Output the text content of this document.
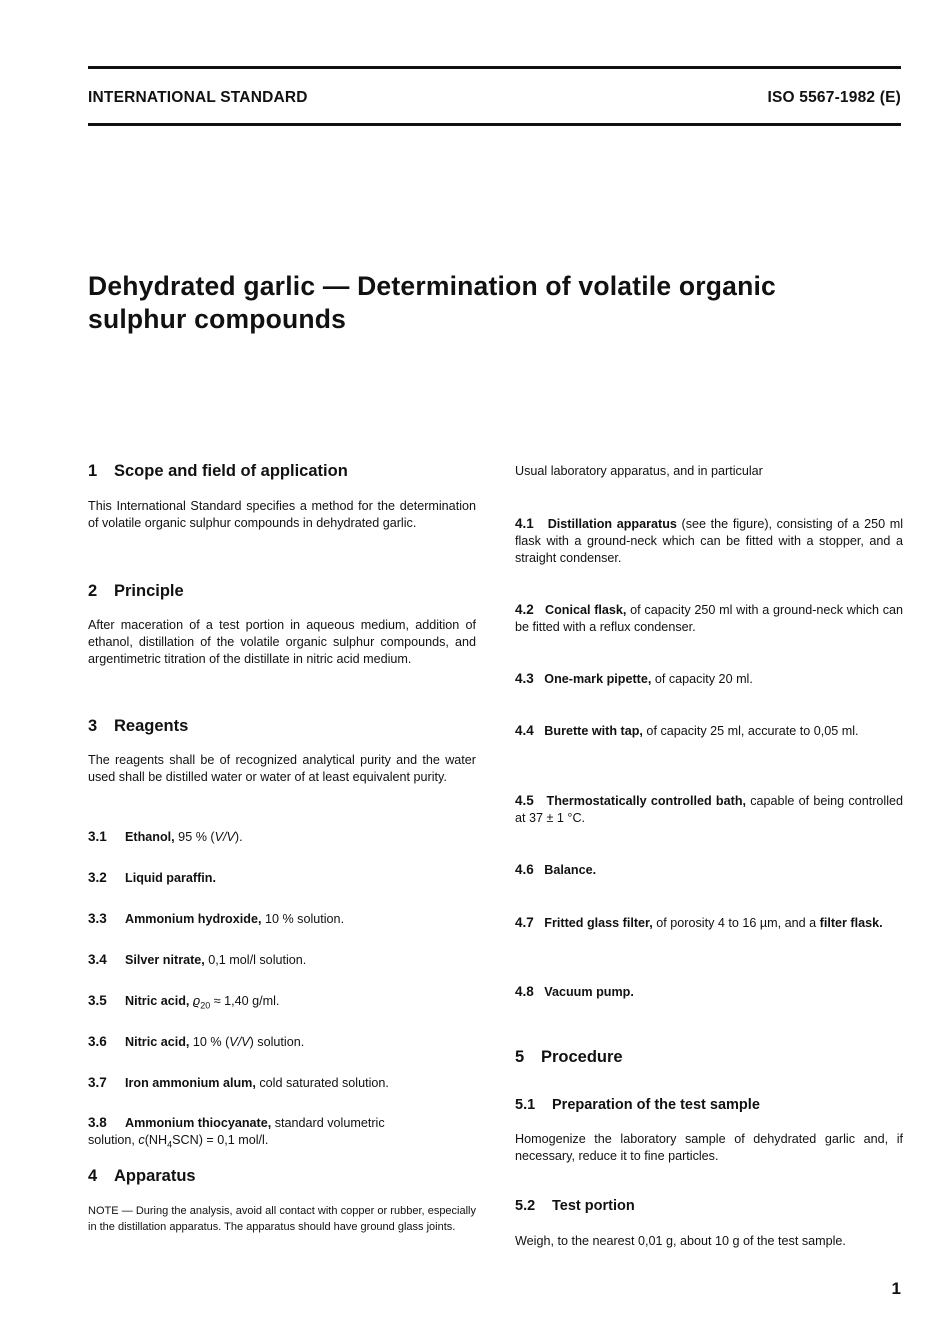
INTERNATIONAL STANDARD	ISO 5567-1982 (E)
Dehydrated garlic — Determination of volatile organic
sulphur compounds
1 Scope and field of application
This International Standard specifies a method for the determination of volatile organic sulphur compounds in dehydrated garlic.
2 Principle
After maceration of a test portion in aqueous medium, addition of ethanol, distillation of the volatile organic sulphur compounds, and argentimetric titration of the distillate in nitric acid medium.
3 Reagents
The reagents shall be of recognized analytical purity and the water used shall be distilled water or water of at least equivalent purity.
3.1 Ethanol, 95 % (V/V).
3.2 Liquid paraffin.
3.3 Ammonium hydroxide, 10 % solution.
3.4 Silver nitrate, 0,1 mol/l solution.
3.5 Nitric acid, $ϱ_{20} \approx 1,40$ g/ml.
3.6 Nitric acid, 10 % (V/V) solution.
3.7 Iron ammonium alum, cold saturated solution.
3.8 Ammonium thiocyanate, standard volumetric
solution, $c(NH_4SCN) = 0,1$ mol/l.
4 Apparatus
NOTE — During the analysis, avoid all contact with copper or rubber, especially in the distillation apparatus. The apparatus should have ground glass joints.
Usual laboratory apparatus, and in particular
4.1 Distillation apparatus (see the figure), consisting of a 250 ml flask with a ground-neck which can be fitted with a stopper, and a straight condenser.
4.2 Conical flask, of capacity 250 ml with a ground-neck which can be fitted with a reflux condenser.
4.3 One-mark pipette, of capacity 20 ml.
4.4 Burette with tap, of capacity 25 ml, accurate to 0,05 ml.
4.5 Thermostatically controlled bath, capable of being controlled at 37 ± 1 °C.
4.6 Balance.
4.7 Fritted glass filter, of porosity 4 to 16 µm, and a filter flask.
4.8 Vacuum pump.
5 Procedure
5.1 Preparation of the test sample
Homogenize the laboratory sample of dehydrated garlic and, if necessary, reduce it to fine particles.
5.2 Test portion
Weigh, to the nearest 0,01 g, about 10 g of the test sample.
1
